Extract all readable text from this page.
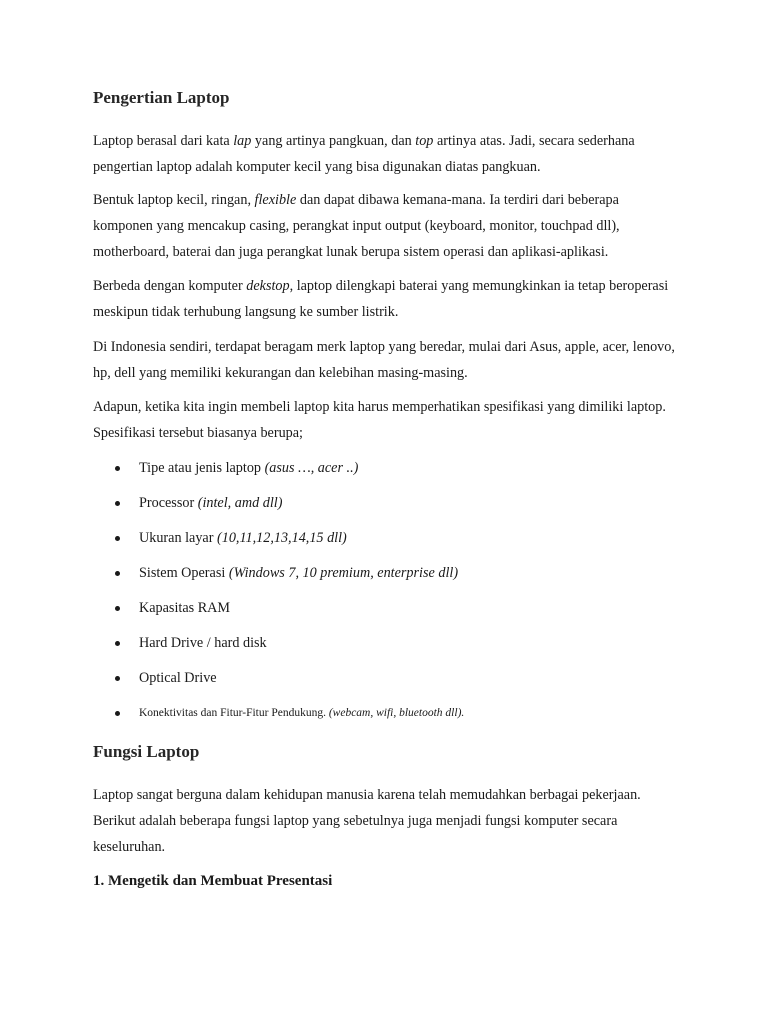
Pengertian Laptop

Laptop berasal dari kata lap yang artinya pangkuan, dan top artinya atas. Jadi, secara sederhana pengertian laptop adalah komputer kecil yang bisa digunakan diatas pangkuan.

Bentuk laptop kecil, ringan, flexible dan dapat dibawa kemana-mana. Ia terdiri dari beberapa komponen yang mencakup casing, perangkat input output (keyboard, monitor, touchpad dll), motherboard, baterai dan juga perangkat lunak berupa sistem operasi dan aplikasi-aplikasi.

Berbeda dengan komputer dekstop, laptop dilengkapi baterai yang memungkinkan ia tetap beroperasi meskipun tidak terhubung langsung ke sumber listrik.

Di Indonesia sendiri, terdapat beragam merk laptop yang beredar, mulai dari Asus, apple, acer, lenovo, hp, dell yang memiliki kekurangan dan kelebihan masing-masing.

Adapun, ketika kita ingin membeli laptop kita harus memperhatikan spesifikasi yang dimiliki laptop. Spesifikasi tersebut biasanya berupa;

Tipe atau jenis laptop (asus …, acer ..)
Processor (intel, amd dll)
Ukuran layar (10,11,12,13,14,15 dll)
Sistem Operasi (Windows 7, 10 premium, enterprise dll)
Kapasitas RAM
Hard Drive / hard disk
Optical Drive
Konektivitas dan Fitur-Fitur Pendukung. (webcam, wifi, bluetooth dll).
Fungsi Laptop

Laptop sangat berguna dalam kehidupan manusia karena telah memudahkan berbagai pekerjaan. Berikut adalah beberapa fungsi laptop yang sebetulnya juga menjadi fungsi komputer secara keseluruhan.

1. Mengetik dan Membuat Presentasi
